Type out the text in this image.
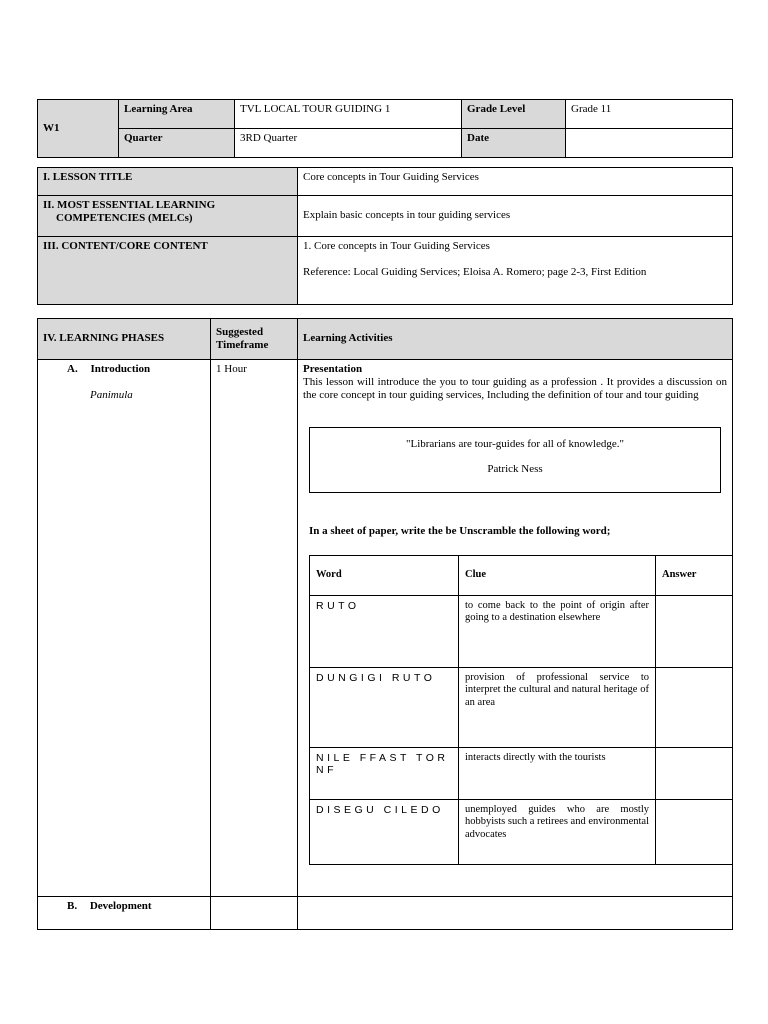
W1	Learning Area	TVL LOCAL TOUR GUIDING 1	Grade Level	Grade 11
	Quarter	3RD Quarter	Date	
I. LESSON TITLE	Core concepts in Tour Guiding Services

II. MOST ESSENTIAL LEARNING
COMPETENCIES (MELCs)	Explain basic concepts in tour guiding services
III. CONTENT/CORE CONTENT	1. Core concepts in Tour Guiding Services
Reference: Local Guiding Services; Eloisa A. Romero; page 2-3, First Edition
IV. LEARNING PHASES	
Suggested
Timeframe
	Learning Activities

A. Introduction
Panimula
	1 Hour	Presentation
This lesson will introduce the you to tour guiding as a profession . It provides a discussion on the core concept in tour guiding services, Including the definition of tour and tour guiding

"Librarians are tour-guides for all of knowledge."

Patrick Ness

In a sheet of paper, write the be Unscramble the following word;
Word	Clue	Answer
RUTO	to come back to the point of origin after going to a destination elsewhere	
DUNGIGI RUTO	provision of professional service to interpret the cultural and natural heritage of an area	
NILE FFAST TOR NF	interacts directly with the tourists	
DISEGU CILEDO	unemployed guides who are mostly hobbyists such a retirees and environmental advocates	

B. Development
